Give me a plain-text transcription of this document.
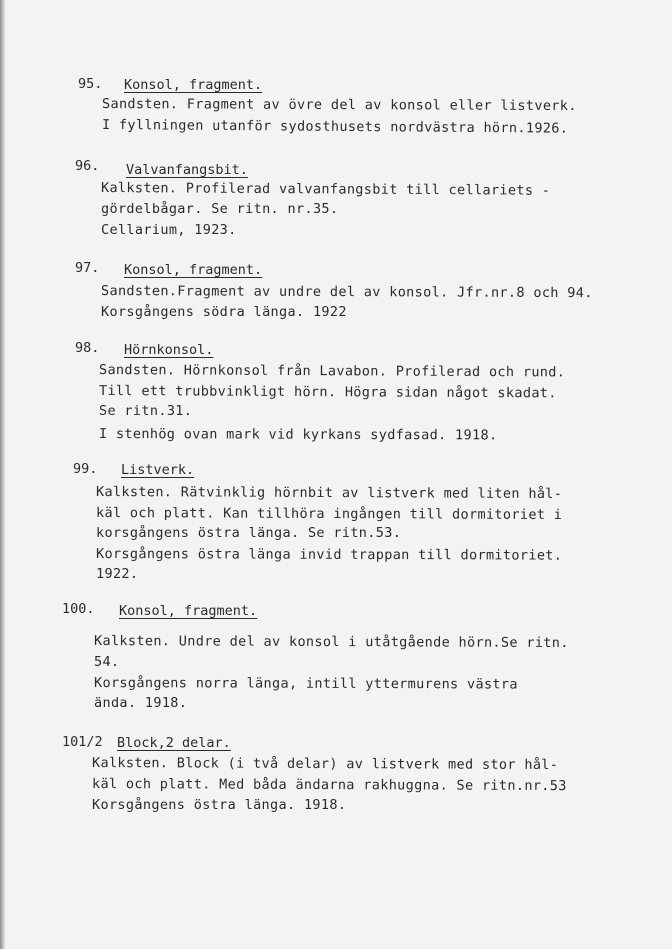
95. Konsol, fragment.
Sandsten. Fragment av övre del av konsol eller listverk.
I fyllningen utanför sydosthusets nordvästra hörn.1926.
96. Valvanfangsbit.
Kalksten. Profilerad valvanfangsbit till cellariets -
gördelbågar. Se ritn. nr.35.
Cellarium, 1923.
97. Konsol, fragment.
Sandsten.Fragment av undre del av konsol. Jfr.nr.8 och 94.
Korsgångens södra länga. 1922
98. Hörnkonsol.
Sandsten. Hörnkonsol från Lavabon. Profilerad och rund.
Till ett trubbvinkligt hörn. Högra sidan något skadat.
Se ritn.31.
I stenhög ovan mark vid kyrkans sydfasad. 1918.
99. Listverk.
Kalksten. Rätvinklig hörnbit av listverk med liten hål-
käl och platt. Kan tillhöra ingången till dormitoriet i
korsgångens östra länga. Se ritn.53.
Korsgångens östra länga invid trappan till dormitoriet.
1922.
100. Konsol, fragment.
Kalksten. Undre del av konsol i utåtgående hörn.Se ritn.
54.
Korsgångens norra länga, intill yttermurens västra
ända. 1918.
101/2 Block,2 delar.
Kalksten. Block (i två delar) av listverk med stor hål-
käl och platt. Med båda ändarna rakhuggna. Se ritn.nr.53
Korsgångens östra länga. 1918.
